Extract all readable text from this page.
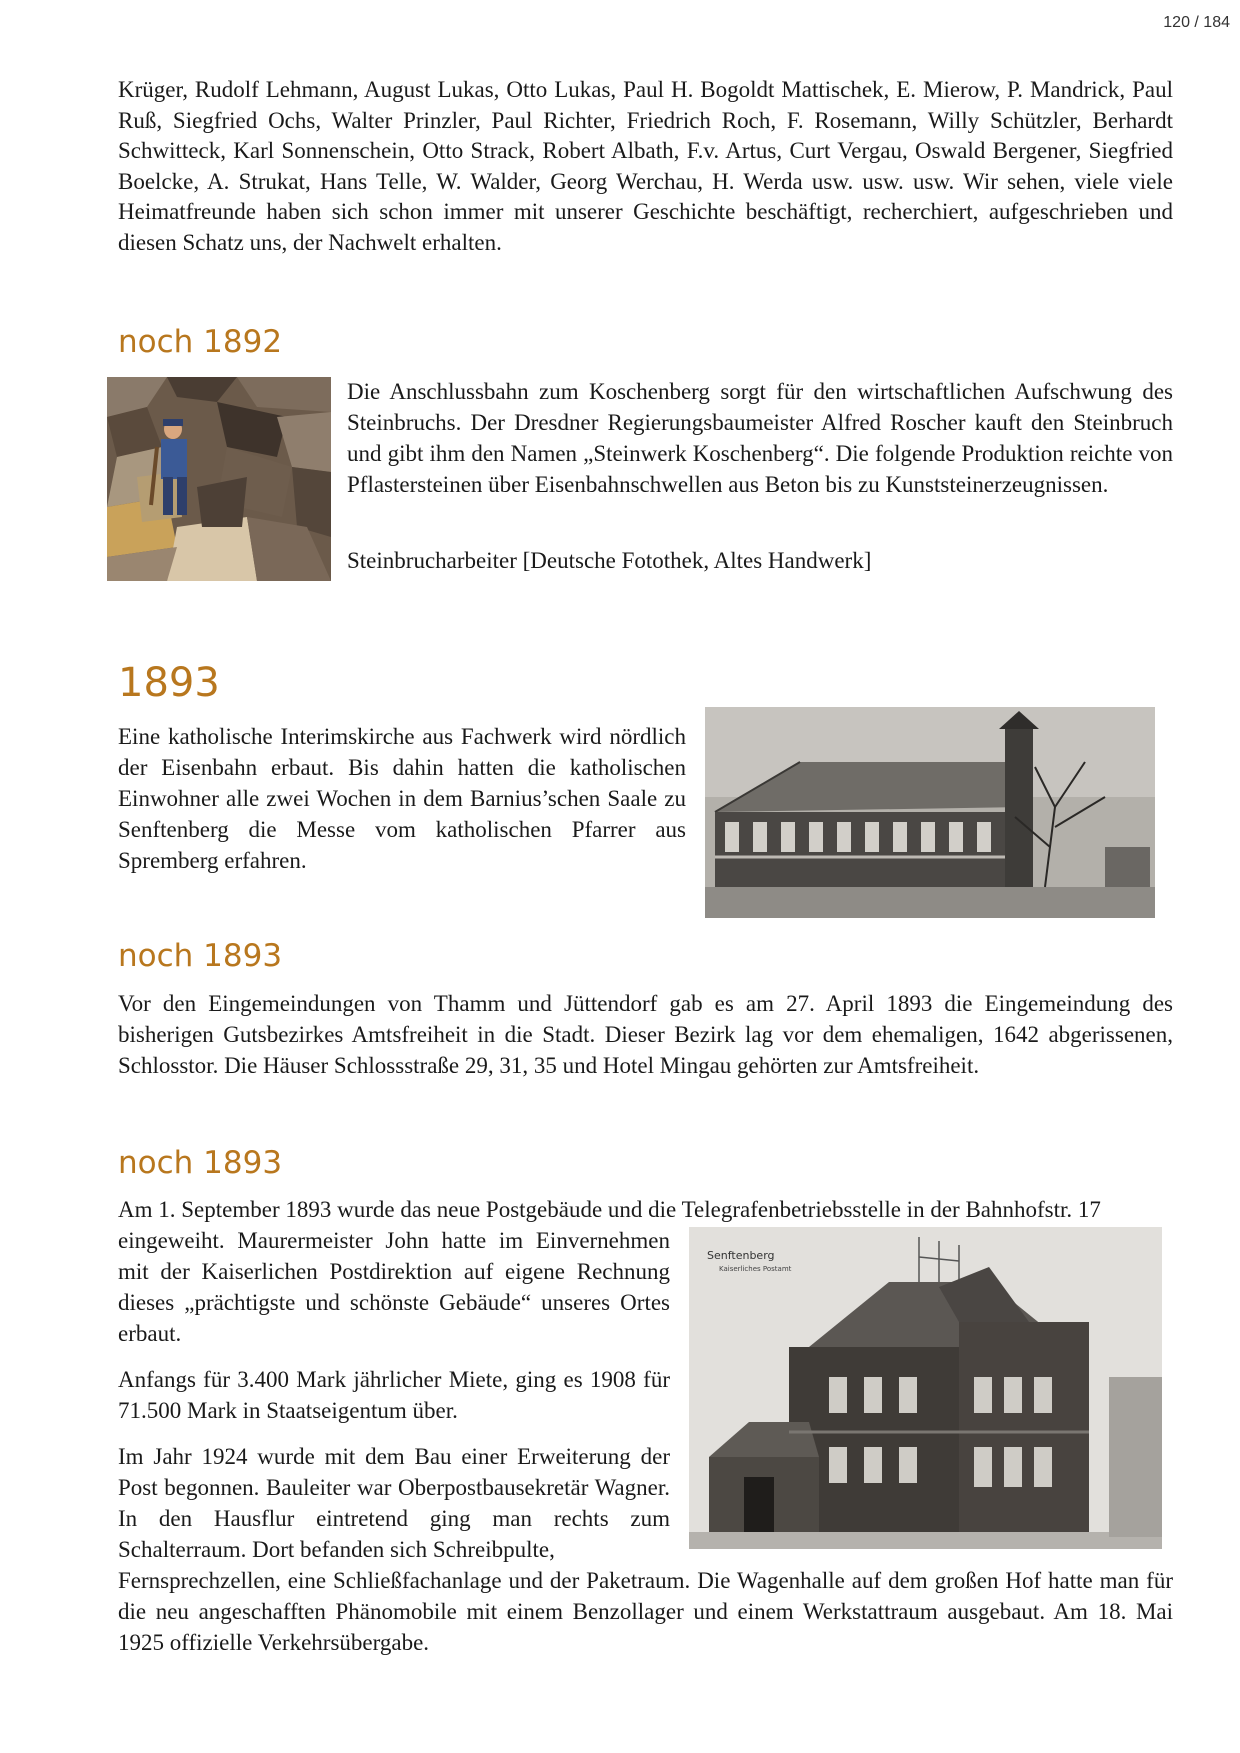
120 / 184

Krüger, Rudolf Lehmann, August Lukas, Otto Lukas, Paul H. Bogoldt Mattischek, E. Mierow, P. Mandrick, Paul Ruß, Siegfried Ochs, Walter Prinzler, Paul Richter, Friedrich Roch, F. Rosemann, Willy Schützler, Berhardt Schwitteck, Karl Sonnenschein, Otto Strack, Robert Albath, F.v. Artus, Curt Vergau, Oswald Bergener, Siegfried Boelcke, A. Strukat, Hans Telle, W. Walder, Georg Werchau, H. Werda usw. usw. usw. Wir sehen, viele viele Heimatfreunde haben sich schon immer mit unserer Geschichte beschäftigt, recherchiert, aufgeschrieben und diesen Schatz uns, der Nachwelt erhalten.

noch 1892

Die Anschlussbahn zum Koschenberg sorgt für den wirtschaftlichen Aufschwung des Steinbruchs. Der Dresdner Regierungsbaumeister Alfred Roscher kauft den Steinbruch und gibt ihm den Namen „Steinwerk Koschenberg“. Die folgende Produktion reichte von Pflastersteinen über Eisenbahnschwellen aus Beton bis zu Kunststeinerzeugnissen.

Steinbrucharbeiter [Deutsche Fotothek, Altes Handwerk]

1893

Eine katholische Interimskirche aus Fachwerk wird nördlich der Eisenbahn erbaut. Bis dahin hatten die katholischen Einwohner alle zwei Wochen in dem Barnius’schen Saale zu Senftenberg die Messe vom katholischen Pfarrer aus Spremberg erfahren.

noch 1893

Vor den Eingemeindungen von Thamm und Jüttendorf gab es am 27. April 1893 die Eingemeindung des bisherigen Gutsbezirkes Amtsfreiheit in die Stadt. Dieser Bezirk lag vor dem ehemaligen, 1642 abgerissenen, Schlosstor. Die Häuser Schlossstraße 29, 31, 35 und Hotel Mingau gehörten zur Amtsfreiheit.

noch 1893

Am 1. September 1893 wurde das neue Postgebäude und die Telegrafenbetriebsstelle in der Bahnhofstr. 17

eingeweiht. Maurermeister John hatte im Einvernehmen mit der Kaiserlichen Postdirektion auf eigene Rechnung dieses „prächtigste und schönste Gebäude“ unseres Ortes erbaut.

Anfangs für 3.400 Mark jährlicher Miete, ging es 1908 für 71.500 Mark in Staatseigentum über.

Im Jahr 1924 wurde mit dem Bau einer Erweiterung der Post begonnen. Bauleiter war Oberpostbausekretär Wagner. In den Hausflur eintretend ging man rechts zum Schalterraum. Dort befanden sich Schreibpulte,

Fernsprechzellen, eine Schließfachanlage und der Paketraum. Die Wagenhalle auf dem großen Hof hatte man für die neu angeschafften Phänomobile mit einem Benzollager und einem Werkstattraum ausgebaut. Am 18. Mai 1925 offizielle Verkehrsübergabe.

Senftenberg
Kaiserliches Postamt
